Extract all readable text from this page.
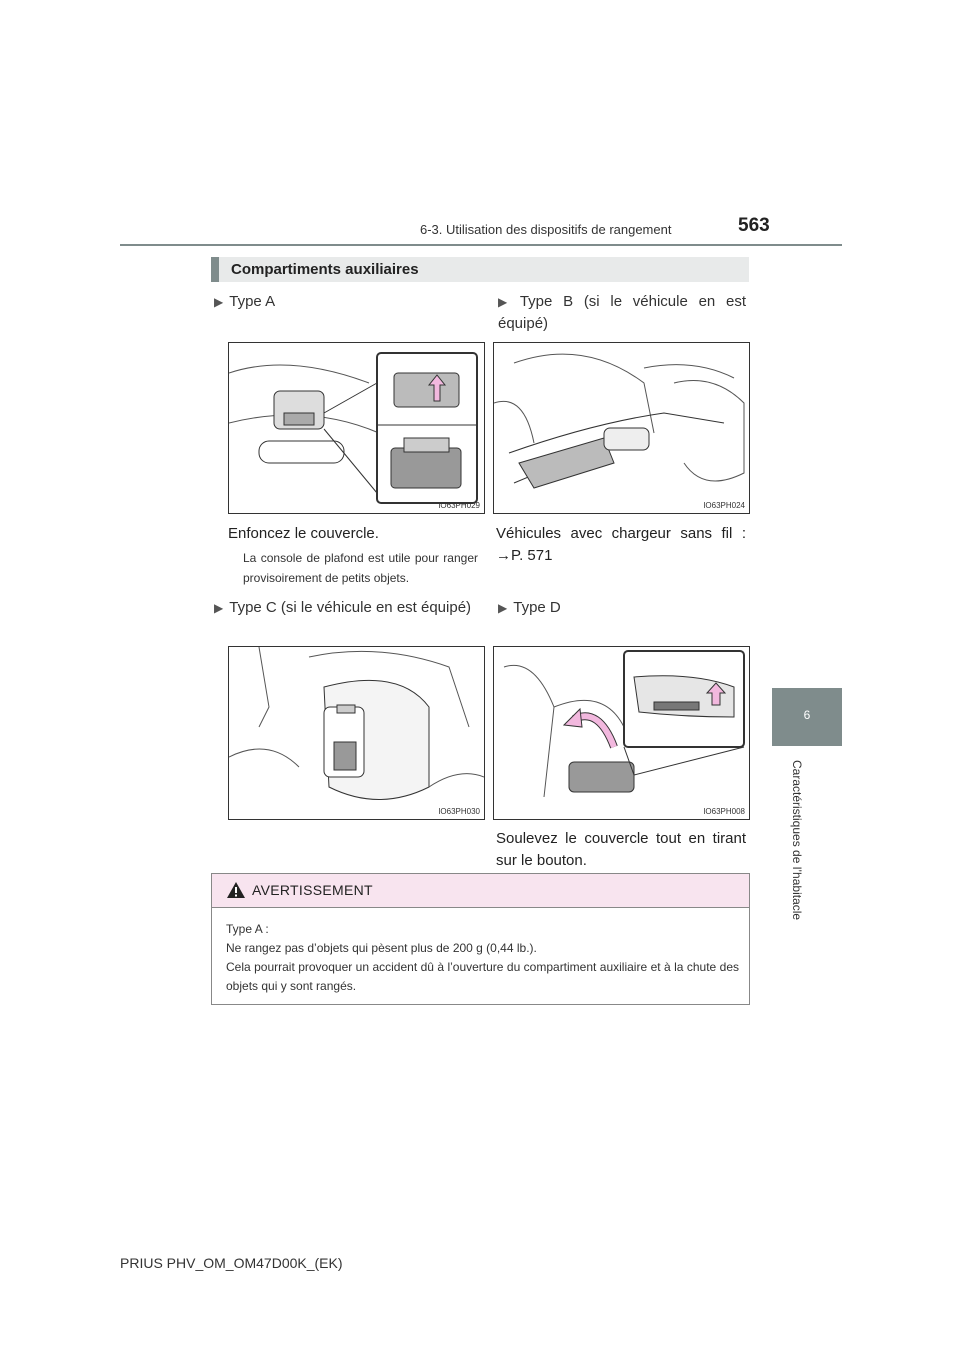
6-3. Utilisation des dispositifs de rangement	563
6
Caractéristiques de l’habitacle
Compartiments auxiliaires
▶ Type A	▶ Type B (si le véhicule en est équipé)
IO63PH029	IO63PH024
Enfoncez le couvercle.
La console de plafond est utile pour ranger provisoirement de petits objets.
Véhicules avec chargeur sans fil : →P. 571
▶ Type C (si le véhicule en est équipé)	▶ Type D
IO63PH030	IO63PH008
Soulevez le couvercle tout en tirant sur le bouton.
AVERTISSEMENT
Type A :
Ne rangez pas d’objets qui pèsent plus de 200 g (0,44 lb.).
Cela pourrait provoquer un accident dû à l’ouverture du compartiment auxiliaire et à la chute des objets qui y sont rangés.
PRIUS PHV_OM_OM47D00K_(EK)
